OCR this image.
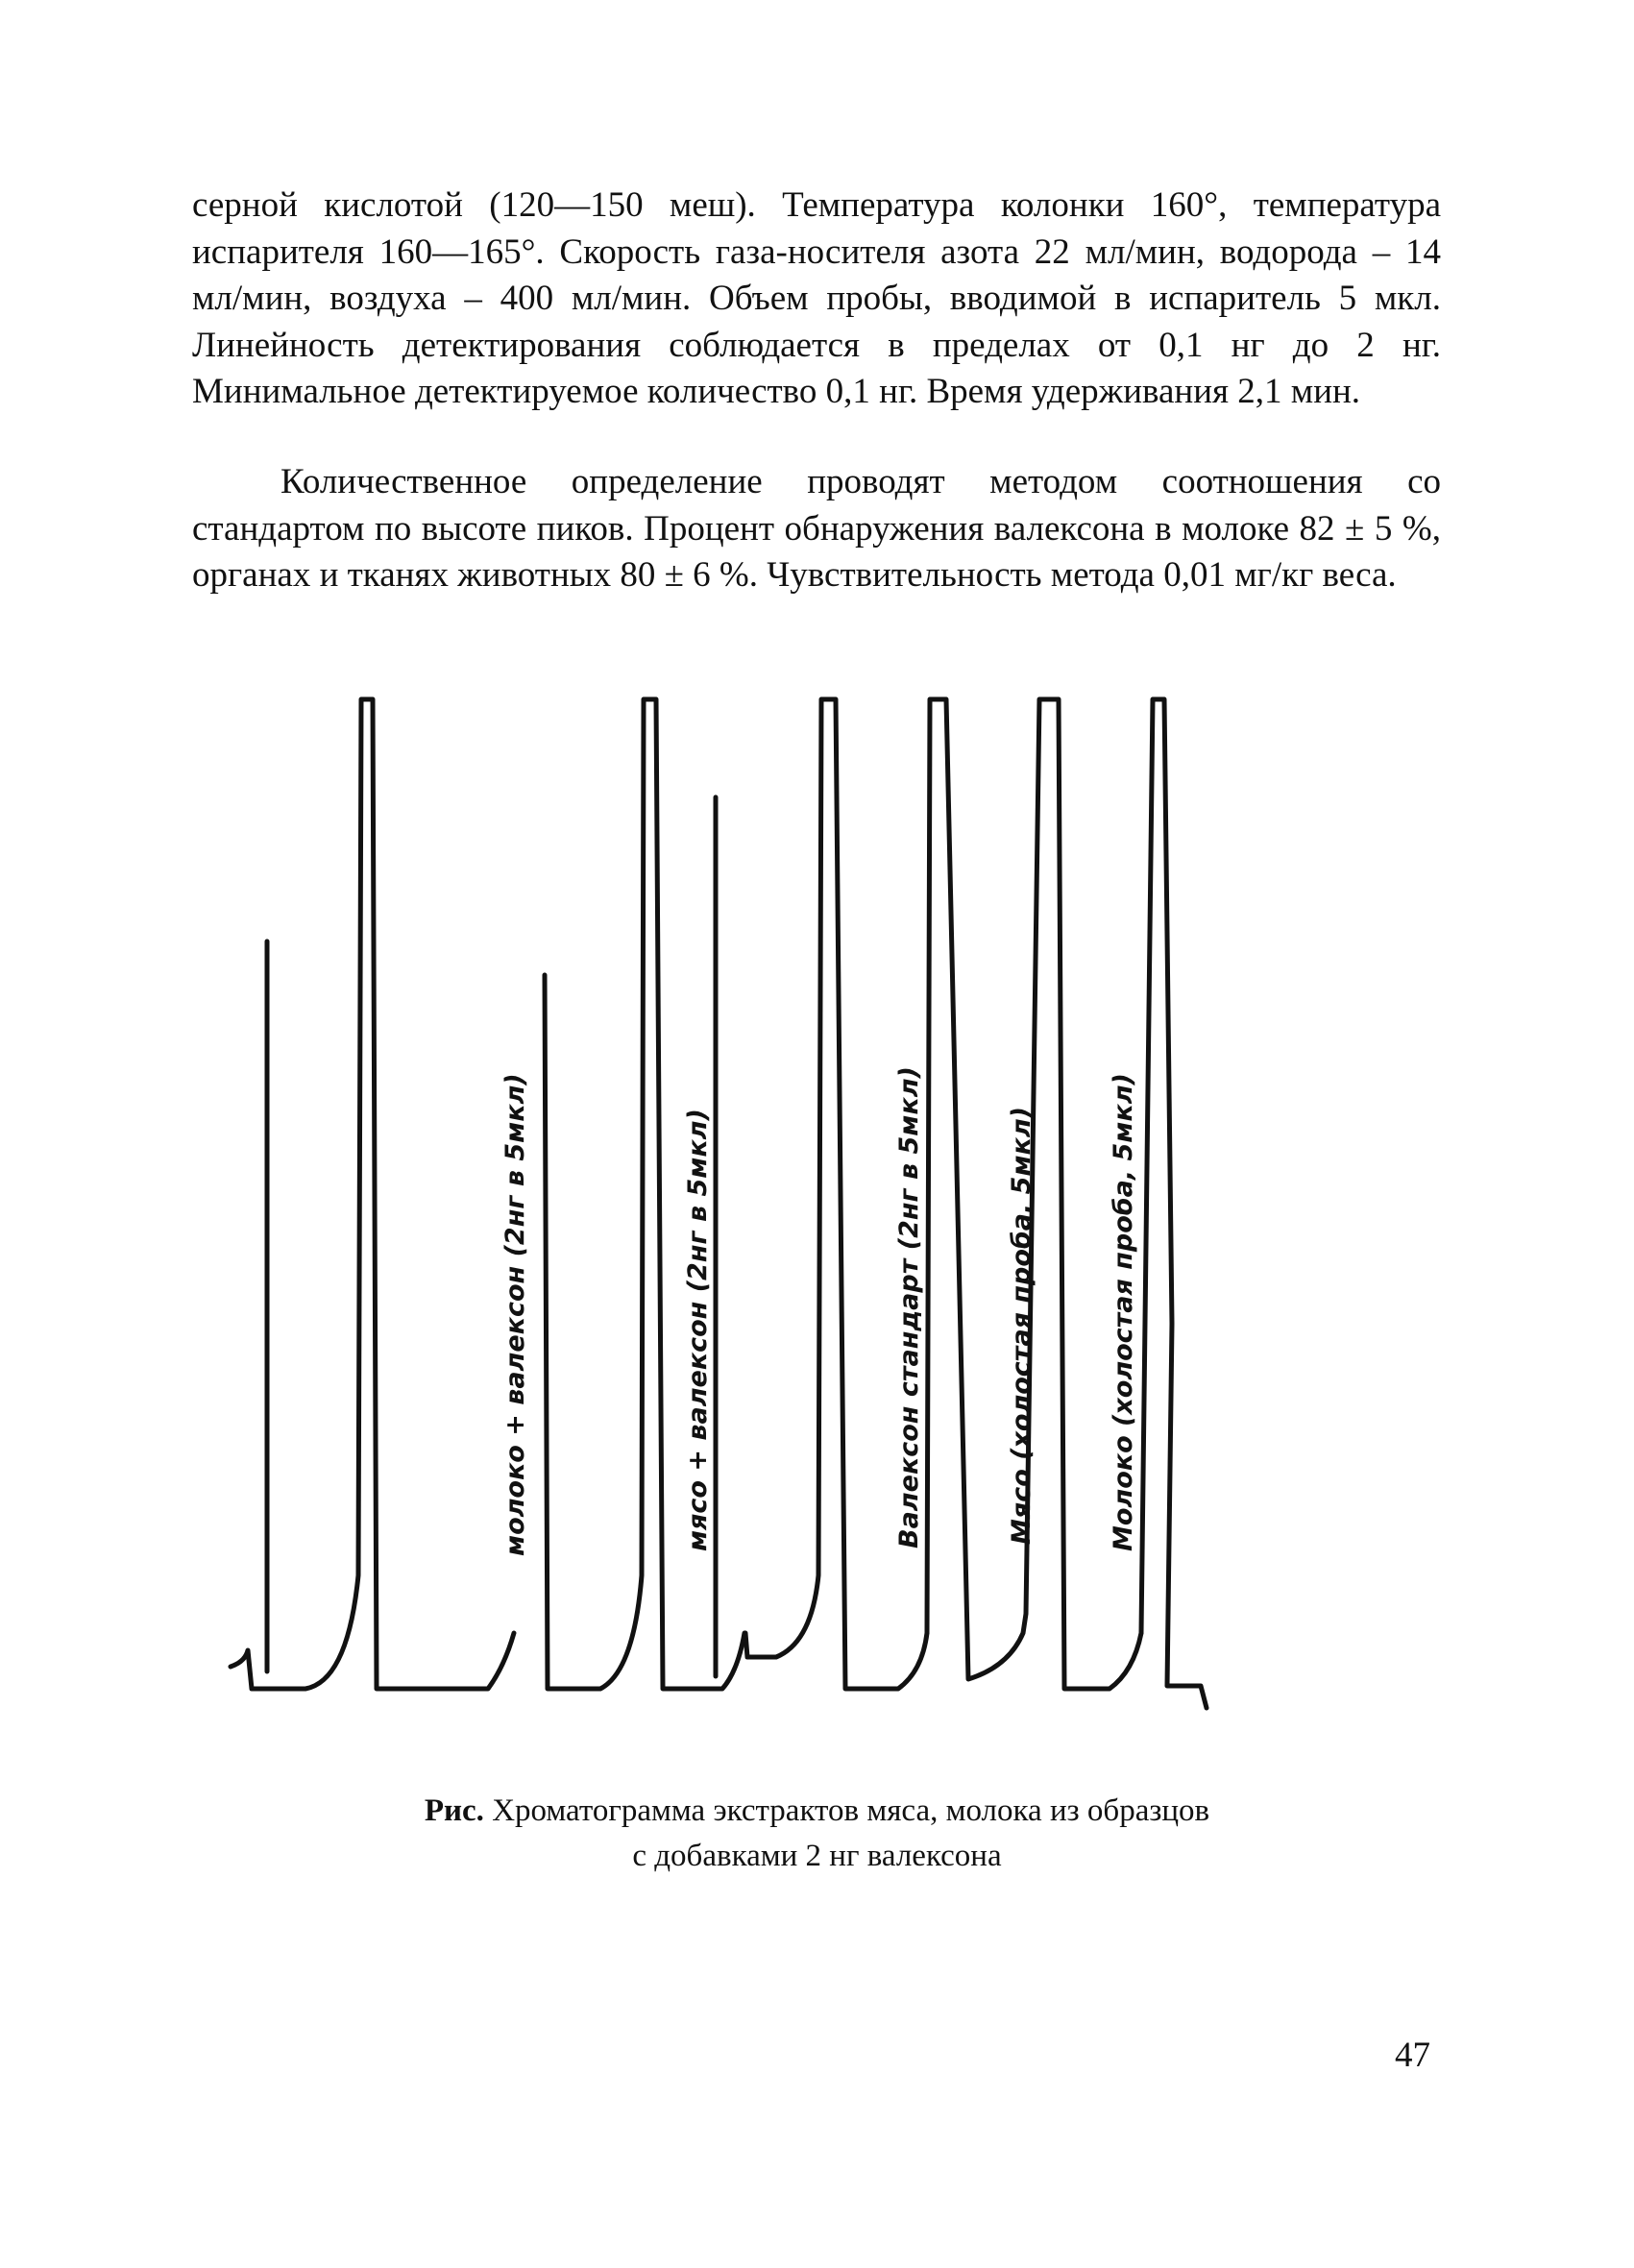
серной кислотой (120—150 меш). Температура колонки 160°, температура испарителя 160—165°. Скорость газа-носителя азота 22 мл/мин, водорода – 14 мл/мин, воздуха – 400 мл/мин. Объем пробы, вводимой в испаритель 5 мкл. Линейность детектирования соблюдается в пределах от 0,1 нг до 2 нг. Минимальное детектируемое количество 0,1 нг. Время удерживания 2,1 мин.

Количественное определение проводят методом соотношения со стандартом по высоте пиков. Процент обнаружения валексона в молоке 82 ± 5 %, органах и тканях животных 80 ± 6 %. Чувствительность метода 0,01 мг/кг веса.

молоко + валексон (2нг в 5мкл)	мясо + валексон (2нг в 5мкл)	Валексон стандарт (2нг в 5мкл)	Мясо (холостая проба, 5мкл)	Молоко (холостая проба, 5мкл)

Рис. Хроматограмма экстрактов мяса, молока из образцов
с добавками 2 нг валексона

47
